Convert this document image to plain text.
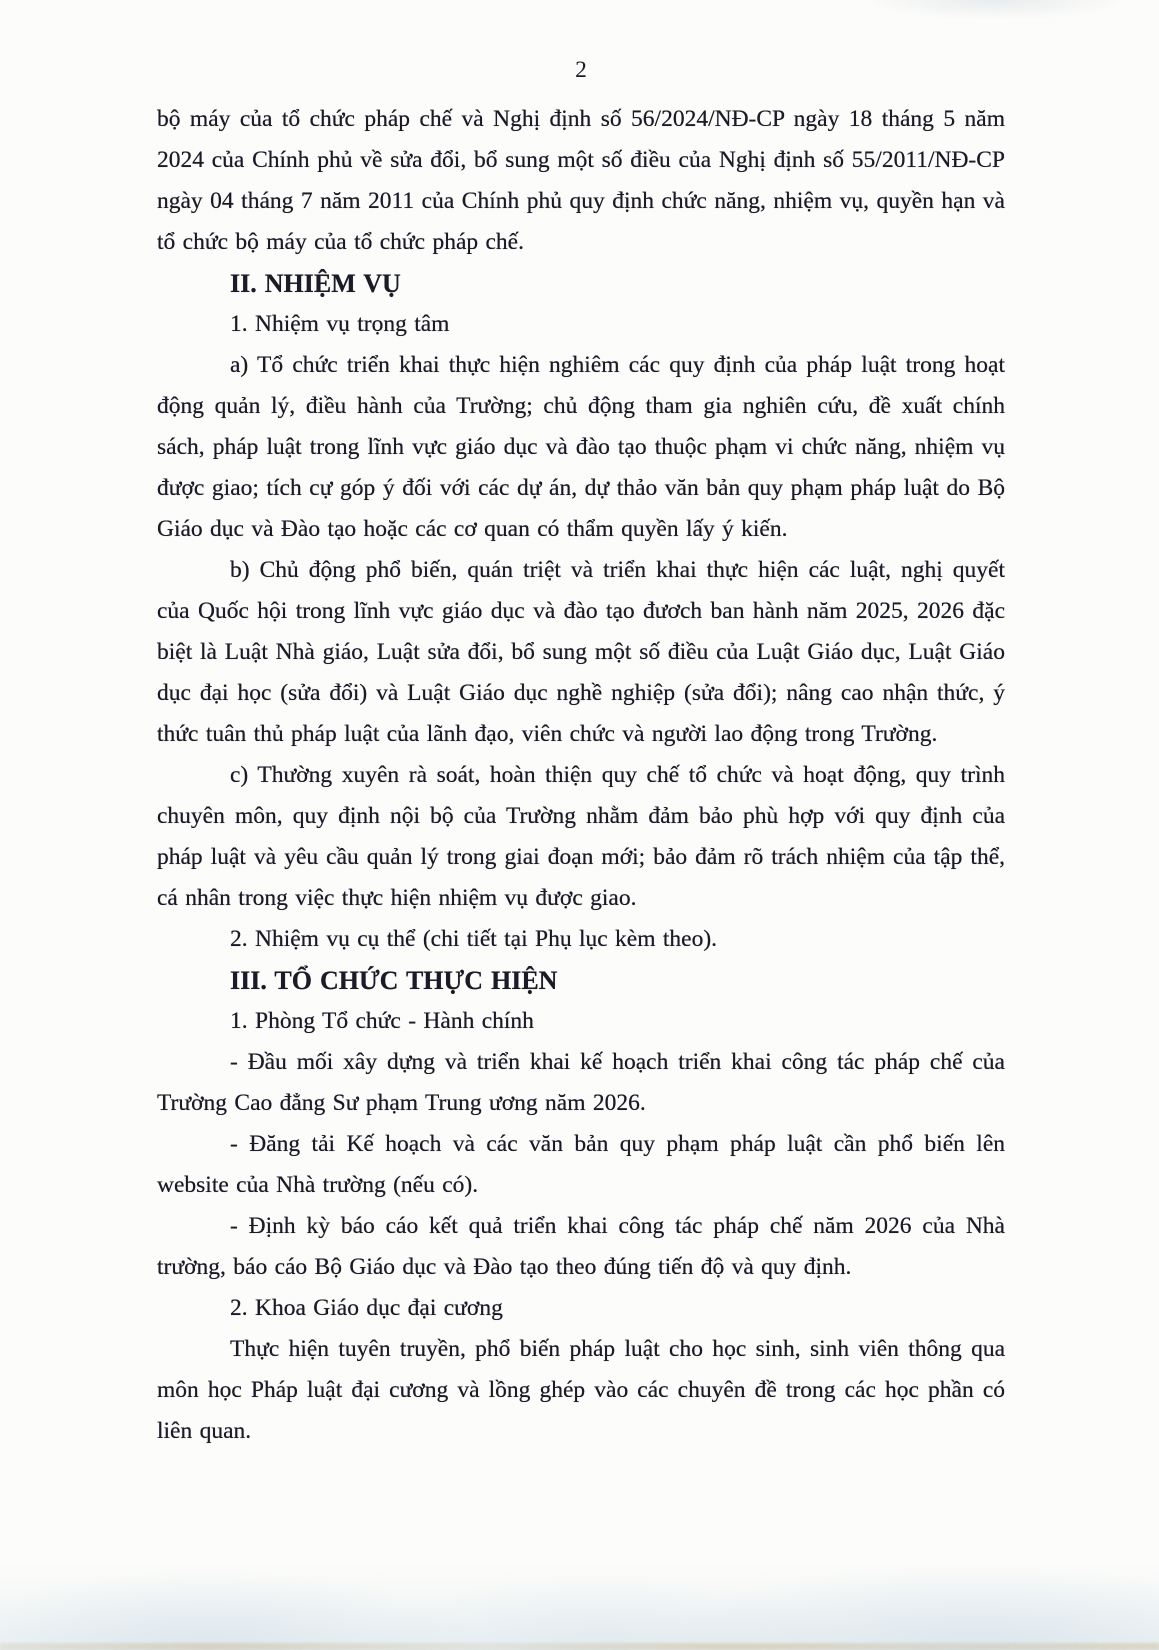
2

bộ máy của tổ chức pháp chế và Nghị định số 56/2024/NĐ-CP ngày 18 tháng 5 năm 2024 của Chính phủ về sửa đổi, bổ sung một số điều của Nghị định số 55/2011/NĐ-CP ngày 04 tháng 7 năm 2011 của Chính phủ quy định chức năng, nhiệm vụ, quyền hạn và tổ chức bộ máy của tổ chức pháp chế.

II. NHIỆM VỤ

1. Nhiệm vụ trọng tâm

a) Tổ chức triển khai thực hiện nghiêm các quy định của pháp luật trong hoạt động quản lý, điều hành của Trường; chủ động tham gia nghiên cứu, đề xuất chính sách, pháp luật trong lĩnh vực giáo dục và đào tạo thuộc phạm vi chức năng, nhiệm vụ được giao; tích cự góp ý đối với các dự án, dự thảo văn bản quy phạm pháp luật do Bộ Giáo dục và Đào tạo hoặc các cơ quan có thẩm quyền lấy ý kiến.

b) Chủ động phổ biến, quán triệt và triển khai thực hiện các luật, nghị quyết của Quốc hội trong lĩnh vực giáo dục và đào tạo đươch ban hành năm 2025, 2026 đặc biệt là Luật Nhà giáo, Luật sửa đổi, bổ sung một số điều của Luật Giáo dục, Luật Giáo dục đại học (sửa đổi) và Luật Giáo dục nghề nghiệp (sửa đổi); nâng cao nhận thức, ý thức tuân thủ pháp luật của lãnh đạo, viên chức và người lao động trong Trường.

c) Thường xuyên rà soát, hoàn thiện quy chế tổ chức và hoạt động, quy trình chuyên môn, quy định nội bộ của Trường nhằm đảm bảo phù hợp với quy định của pháp luật và yêu cầu quản lý trong giai đoạn mới; bảo đảm rõ trách nhiệm của tập thể, cá nhân trong việc thực hiện nhiệm vụ được giao.

2. Nhiệm vụ cụ thể (chi tiết tại Phụ lục kèm theo).

III. TỔ CHỨC THỰC HIỆN

1. Phòng Tổ chức - Hành chính

- Đầu mối xây dựng và triển khai kế hoạch triển khai công tác pháp chế của Trường Cao đẳng Sư phạm Trung ương năm 2026.

- Đăng tải Kế hoạch và các văn bản quy phạm pháp luật cần phổ biến lên website của Nhà trường (nếu có).

- Định kỳ báo cáo kết quả triển khai công tác pháp chế năm 2026 của Nhà trường, báo cáo Bộ Giáo dục và Đào tạo theo đúng tiến độ và quy định.

2. Khoa Giáo dục đại cương

Thực hiện tuyên truyền, phổ biến pháp luật cho học sinh, sinh viên thông qua môn học Pháp luật đại cương và lồng ghép vào các chuyên đề trong các học phần có liên quan.
